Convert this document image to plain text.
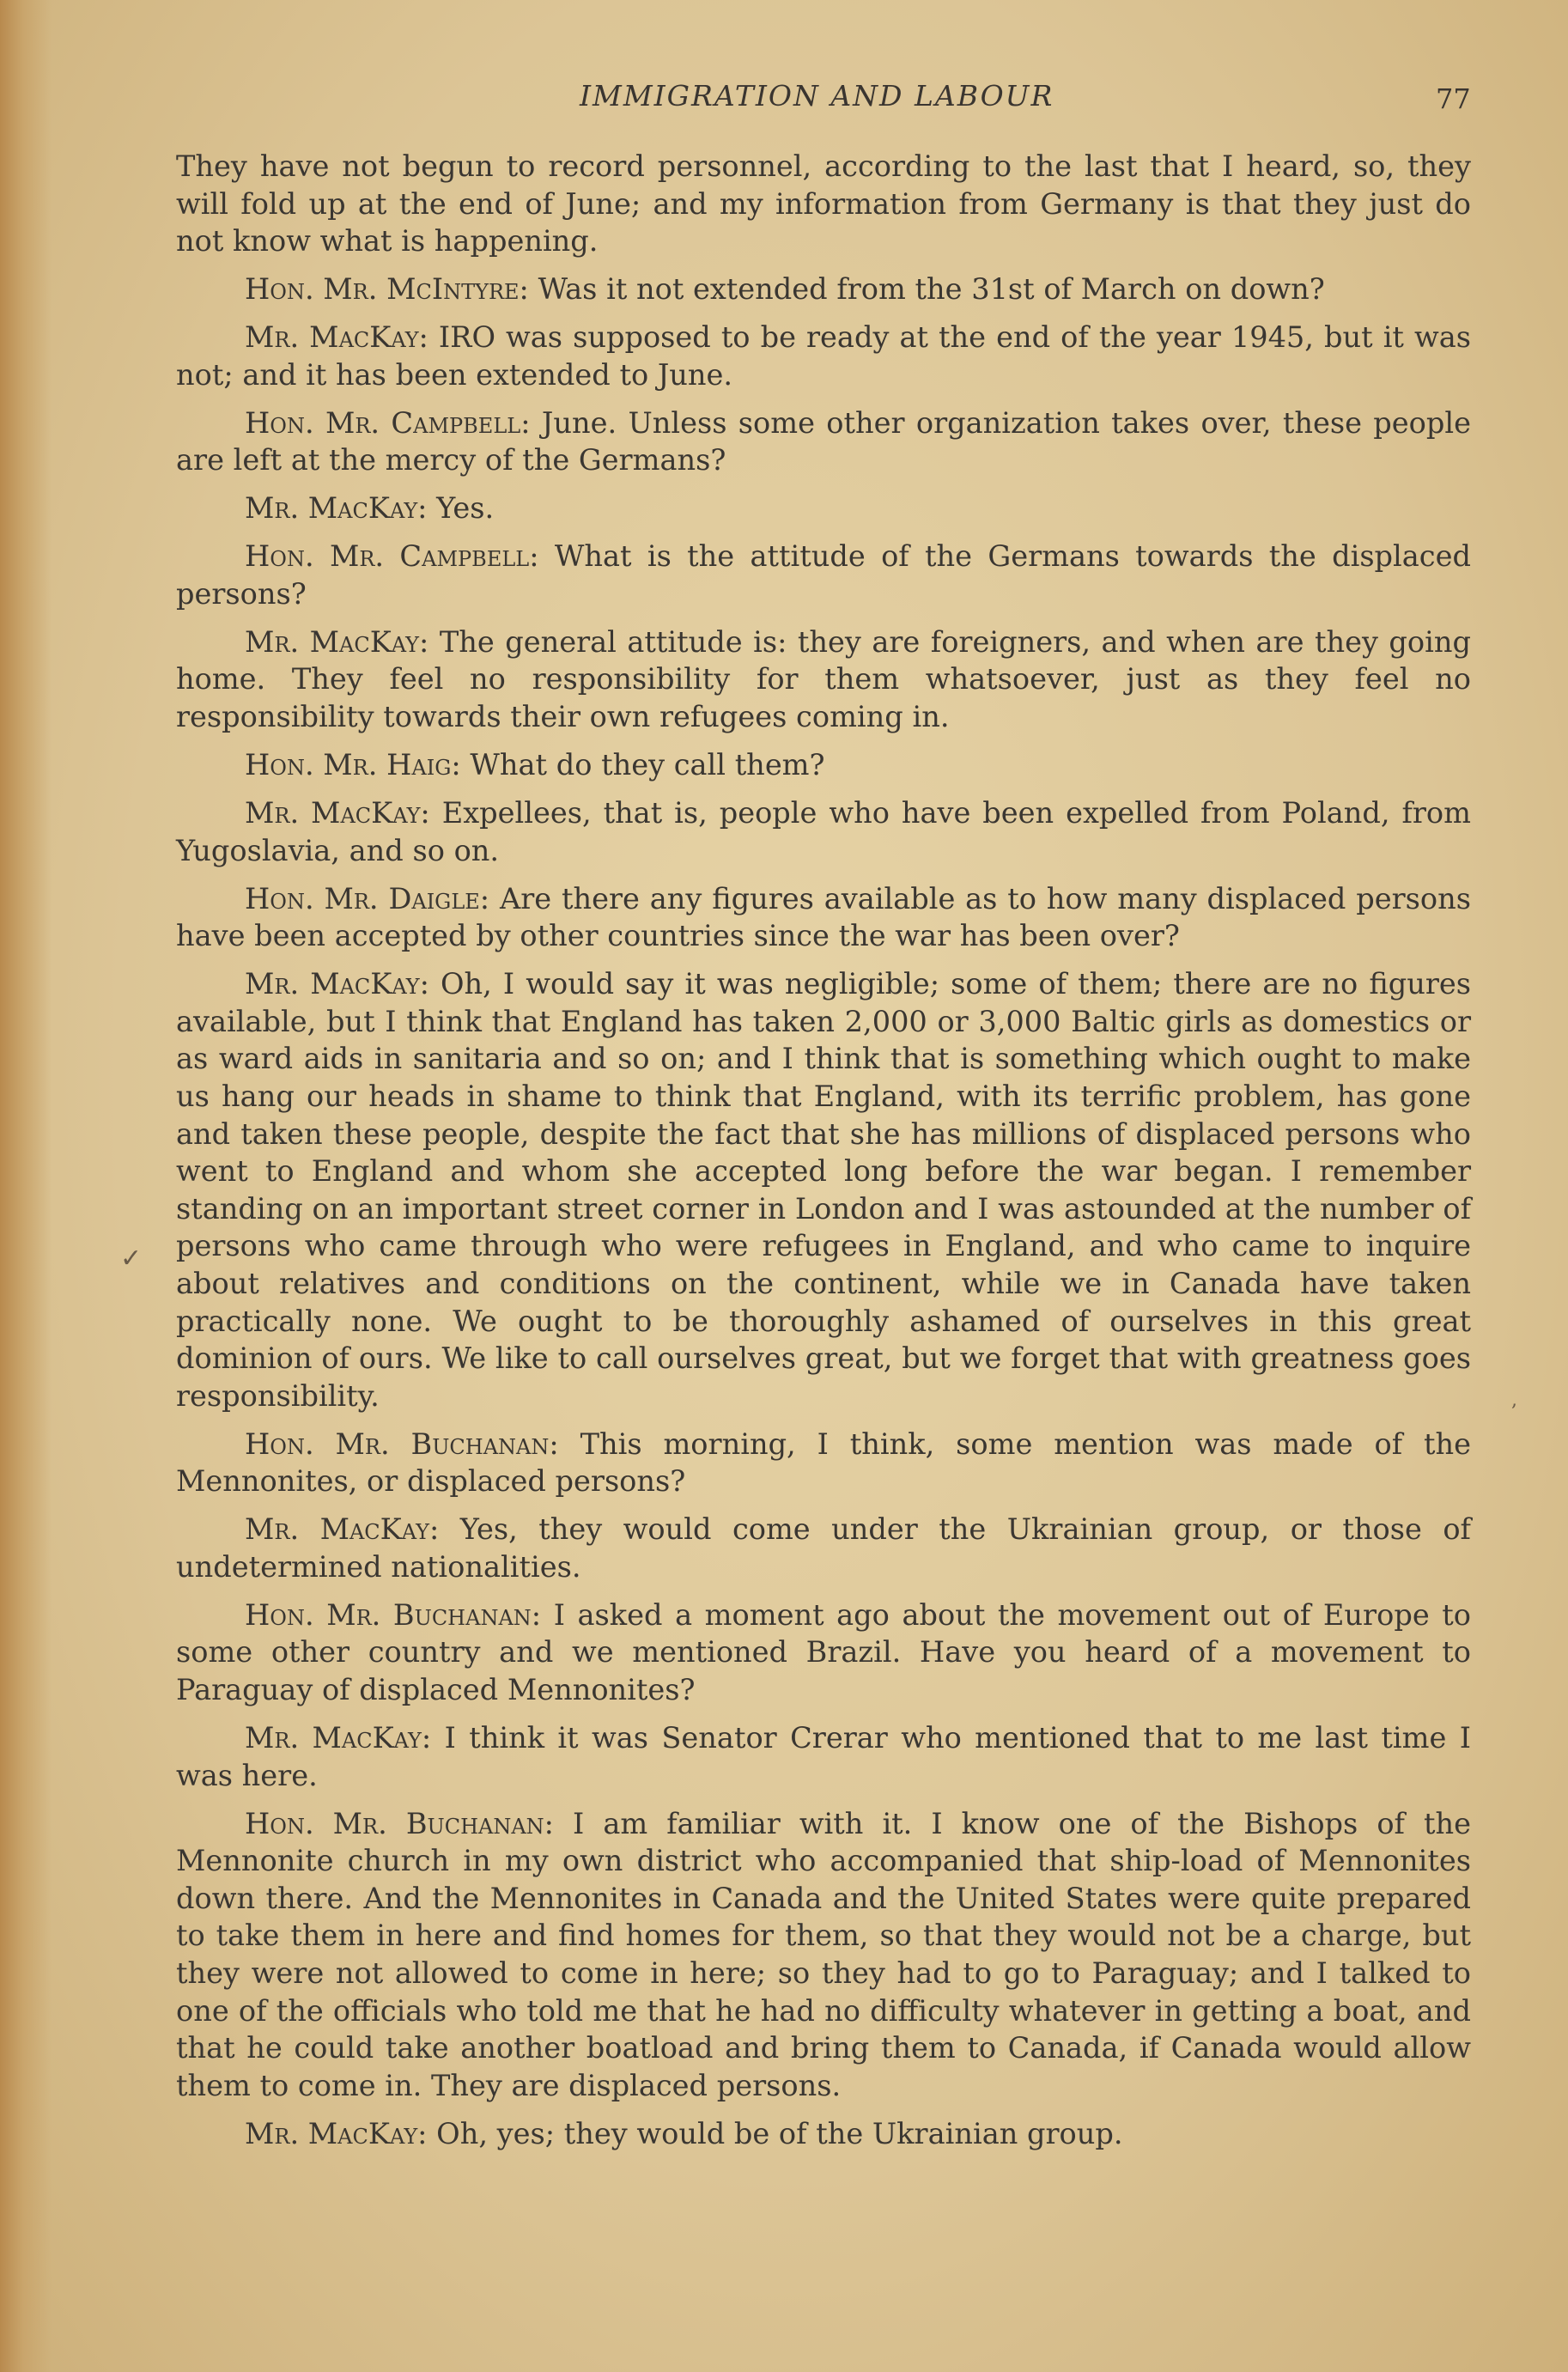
IMMIGRATION AND LABOUR	77

They have not begun to record personnel, according to the last that I heard, so, they will fold up at the end of June; and my information from Germany is that they just do not know what is happening.

Hon. Mr. McIntyre: Was it not extended from the 31st of March on down?

Mr. MacKay: IRO was supposed to be ready at the end of the year 1945, but it was not; and it has been extended to June.

Hon. Mr. Campbell: June. Unless some other organization takes over, these people are left at the mercy of the Germans?

Mr. MacKay: Yes.

Hon. Mr. Campbell: What is the attitude of the Germans towards the displaced persons?

Mr. MacKay: The general attitude is: they are foreigners, and when are they going home. They feel no responsibility for them whatsoever, just as they feel no responsibility towards their own refugees coming in.

Hon. Mr. Haig: What do they call them?

Mr. MacKay: Expellees, that is, people who have been expelled from Poland, from Yugoslavia, and so on.

Hon. Mr. Daigle: Are there any figures available as to how many displaced persons have been accepted by other countries since the war has been over?

Mr. MacKay: Oh, I would say it was negligible; some of them; there are no figures available, but I think that England has taken 2,000 or 3,000 Baltic girls as domestics or as ward aids in sanitaria and so on; and I think that is something which ought to make us hang our heads in shame to think that England, with its terrific problem, has gone and taken these people, despite the fact that she has millions of displaced persons who went to England and whom she accepted long before the war began. I remember standing on an important street corner in London and I was astounded at the number of persons who came through who were refugees in England, and who came to inquire about relatives and conditions on the continent, while we in Canada have taken practically none. We ought to be thoroughly ashamed of ourselves in this great dominion of ours. We like to call ourselves great, but we forget that with greatness goes responsibility.

Hon. Mr. Buchanan: This morning, I think, some mention was made of the Mennonites, or displaced persons?

Mr. MacKay: Yes, they would come under the Ukrainian group, or those of undetermined nationalities.

Hon. Mr. Buchanan: I asked a moment ago about the movement out of Europe to some other country and we mentioned Brazil. Have you heard of a movement to Paraguay of displaced Mennonites?

Mr. MacKay: I think it was Senator Crerar who mentioned that to me last time I was here.

Hon. Mr. Buchanan: I am familiar with it. I know one of the Bishops of the Mennonite church in my own district who accompanied that ship-load of Mennonites down there. And the Mennonites in Canada and the United States were quite prepared to take them in here and find homes for them, so that they would not be a charge, but they were not allowed to come in here; so they had to go to Paraguay; and I talked to one of the officials who told me that he had no difficulty whatever in getting a boat, and that he could take another boatload and bring them to Canada, if Canada would allow them to come in. They are displaced persons.

Mr. MacKay: Oh, yes; they would be of the Ukrainian group.

✓
,
